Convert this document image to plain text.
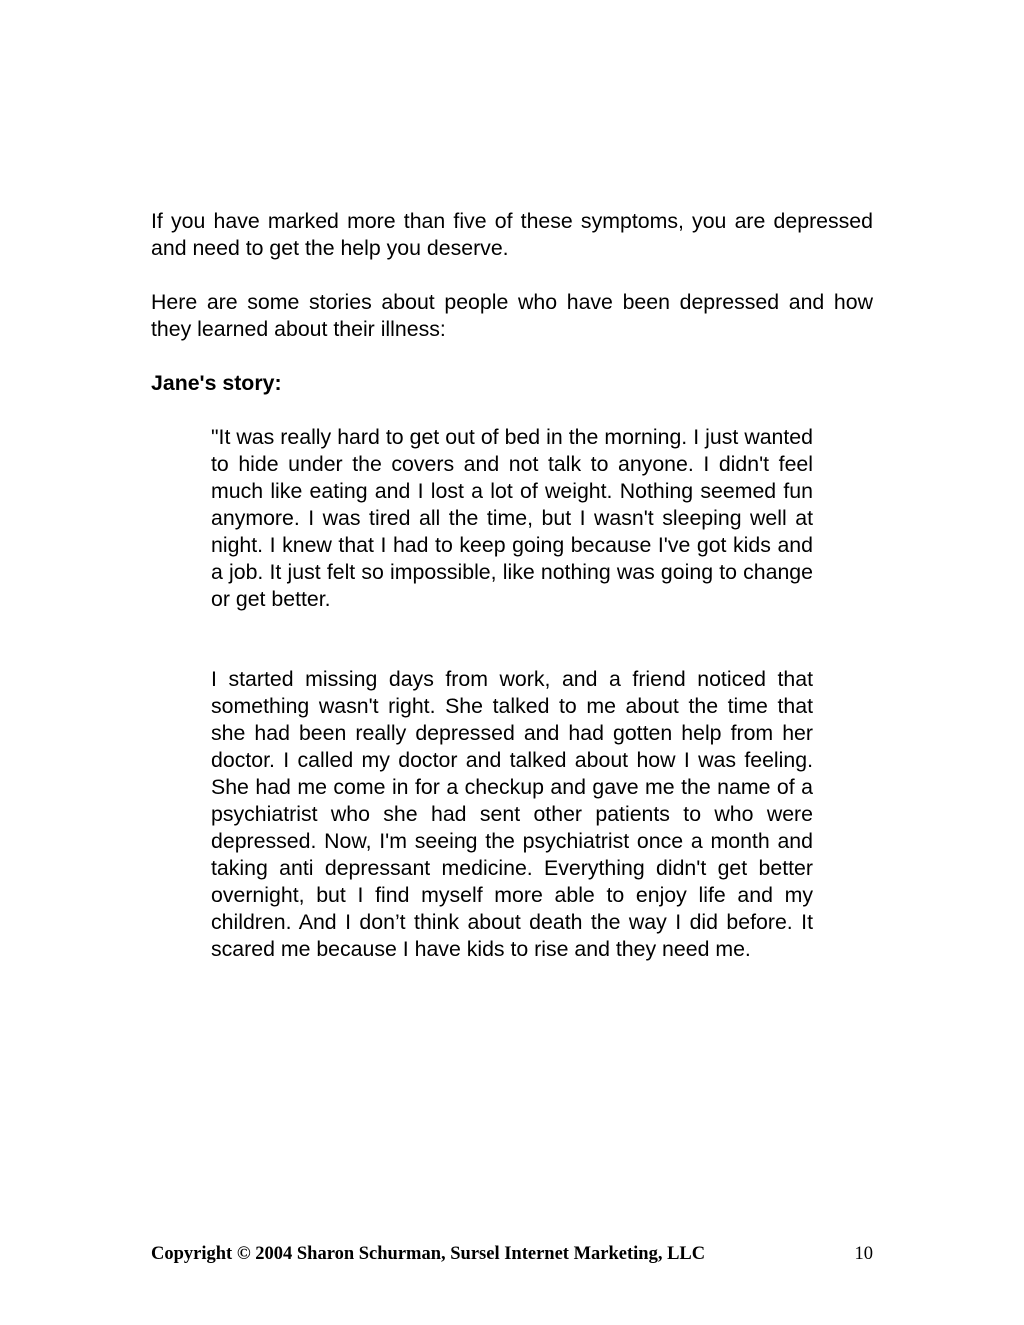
If you have marked more than five of these symptoms, you are depressed and need to get the help you deserve.

Here are some stories about people who have been depressed and how they learned about their illness:

Jane's story:

"It was really hard to get out of bed in the morning. I just wanted to hide under the covers and not talk to anyone. I didn't feel much like eating and I lost a lot of weight. Nothing seemed fun anymore. I was tired all the time, but I wasn't sleeping well at night. I knew that I had to keep going because I've got kids and a job. It just felt so impossible, like nothing was going to change or get better.

I started missing days from work, and a friend noticed that something wasn't right. She talked to me about the time that she had been really depressed and had gotten help from her doctor. I called my doctor and talked about how I was feeling. She had me come in for a checkup and gave me the name of a psychiatrist who she had sent other patients to who were depressed. Now, I'm seeing the psychiatrist once a month and taking anti depressant medicine. Everything didn't get better overnight, but I find myself more able to enjoy life and my children. And I don’t think about death the way I did before. It scared me because I have kids to rise and they need me.

Copyright © 2004 Sharon Schurman, Sursel Internet Marketing, LLC	10
